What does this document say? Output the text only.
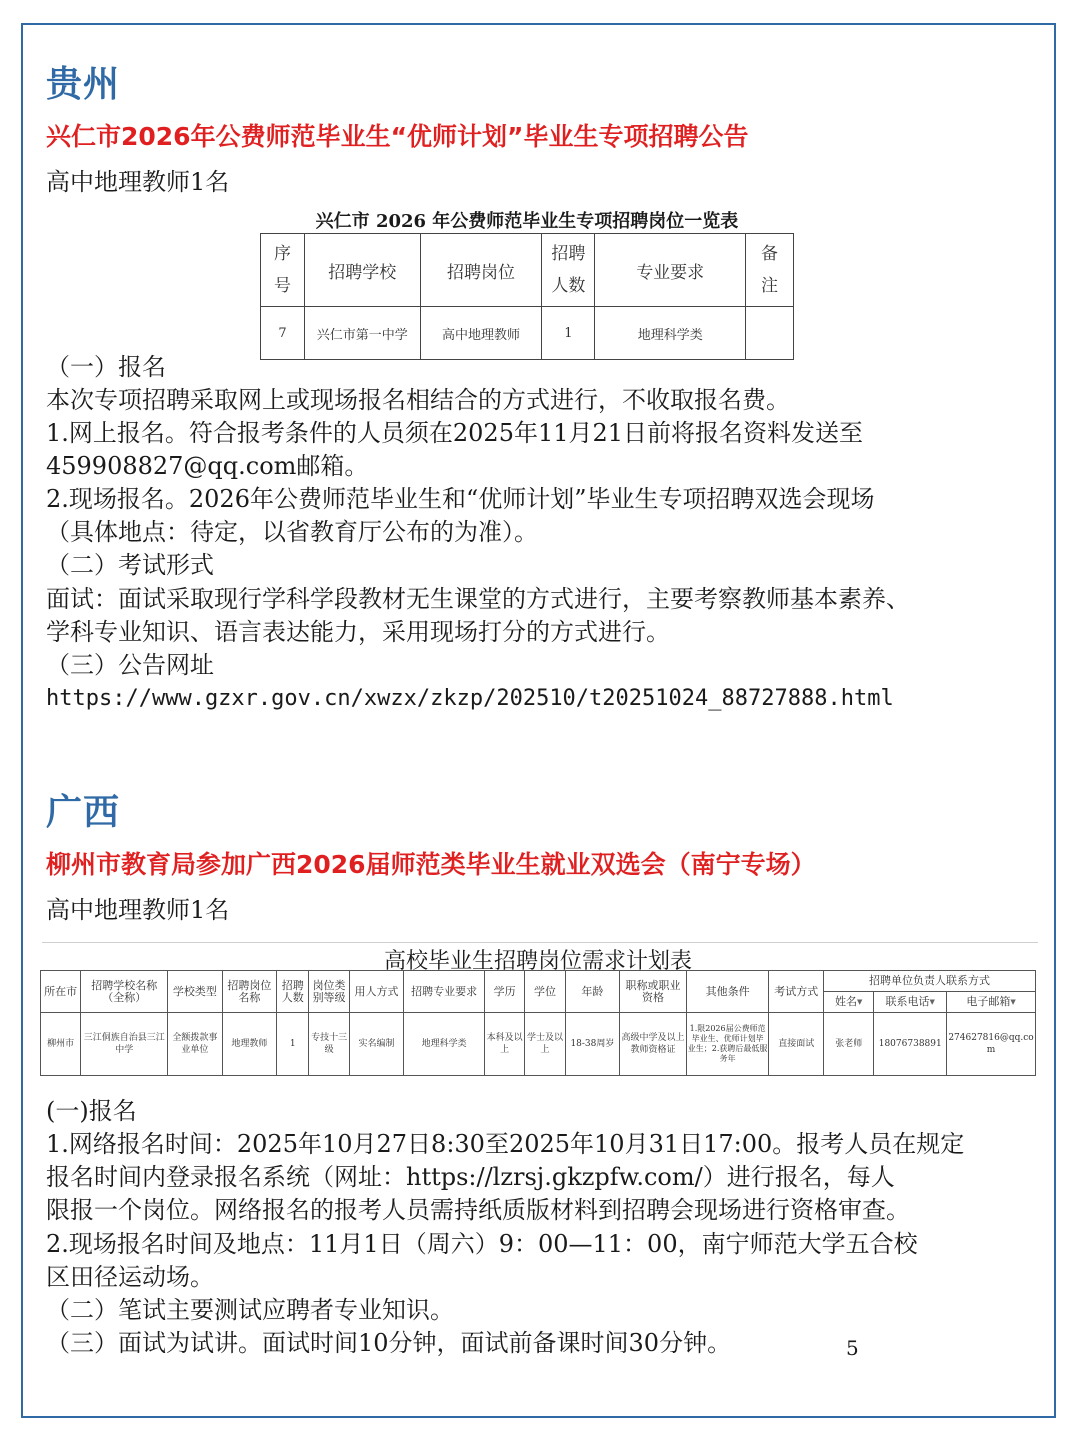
贵州
兴仁市2026年公费师范毕业生“优师计划”毕业生专项招聘公告
高中地理教师1名
兴仁市 2026 年公费师范毕业生专项招聘岗位一览表
序号	招聘学校	招聘岗位	招聘人数	专业要求	备注
7	兴仁市第一中学	高中地理教师	1	地理科学类	
（一）报名
本次专项招聘采取网上或现场报名相结合的方式进行，不收取报名费。
1.网上报名。符合报考条件的人员须在2025年11月21日前将报名资料发送至
459908827@qq.com邮箱。
2.现场报名。2026年公费师范毕业生和“优师计划”毕业生专项招聘双选会现场
（具体地点：待定，以省教育厅公布的为准）。
（二）考试形式
面试：面试采取现行学科学段教材无生课堂的方式进行，主要考察教师基本素养、
学科专业知识、语言表达能力，采用现场打分的方式进行。
（三）公告网址
https://www.gzxr.gov.cn/xwzx/zkzp/202510/t20251024_88727888.html
广西
柳州市教育局参加广西2026届师范类毕业生就业双选会（南宁专场）
高中地理教师1名
高校毕业生招聘岗位需求计划表
所在市	招聘学校名称（全称）	学校类型	招聘岗位名称	招聘人数	岗位类别等级	用人方式	招聘专业要求	学历	学位	年龄	职称或职业资格	其他条件	考试方式	招聘单位负责人联系方式		
														姓名▼	联系电话▼	电子邮箱▼
柳州市	三江侗族自治县三江中学	全额拨款事业单位	地理教师	1	专技十三级	实名编制	地理科学类	本科及以上	学士及以上	18-38周岁	高级中学及以上教师资格证	1.限2026届公费师范毕业生、优师计划毕业生；2.获聘后最低服务年	直接面试	张老师	18076738891	274627816@qq.com
(一)报名
1.网络报名时间：2025年10月27日8:30至2025年10月31日17:00。报考人员在规定
报名时间内登录报名系统（网址：https://lzrsj.gkzpfw.com/）进行报名，每人
限报一个岗位。网络报名的报考人员需持纸质版材料到招聘会现场进行资格审查。
2.现场报名时间及地点：11月1日（周六）9：00—11：00，南宁师范大学五合校
区田径运动场。
（二）笔试主要测试应聘者专业知识。
（三）面试为试讲。面试时间10分钟，面试前备课时间30分钟。	5
